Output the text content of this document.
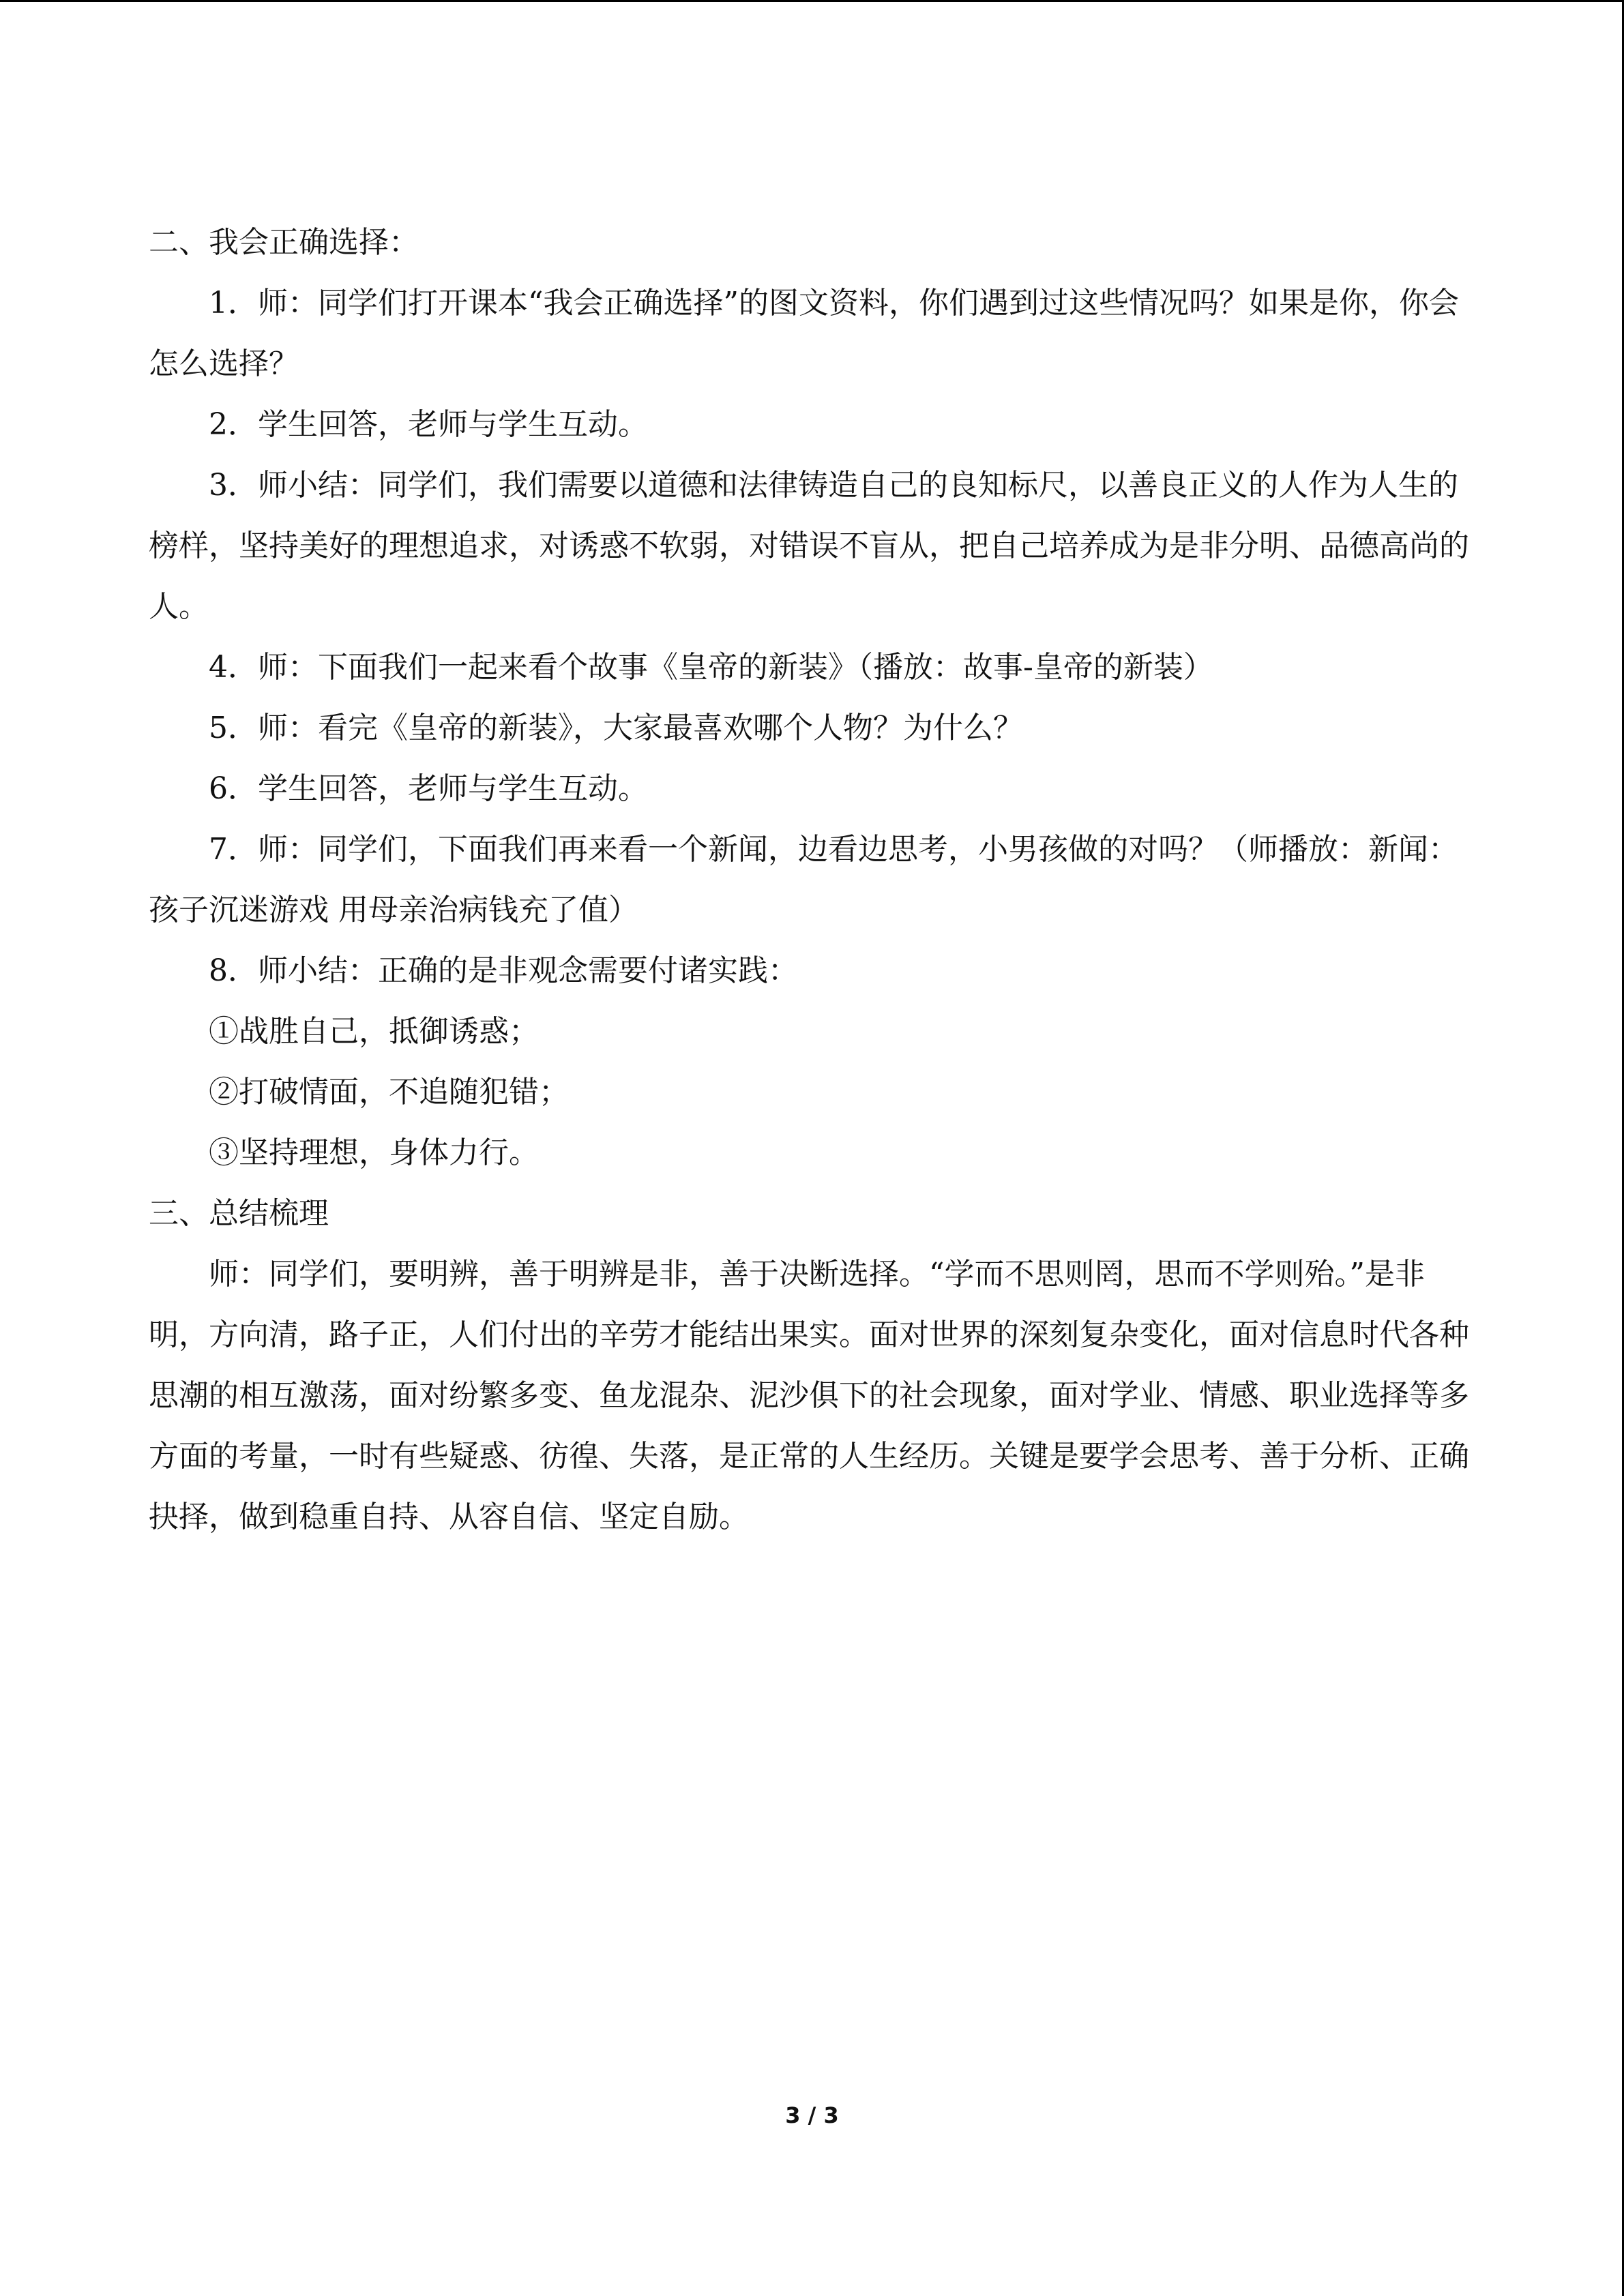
二、我会正确选择：

1．师：同学们打开课本“我会正确选择”的图文资料，你们遇到过这些情况吗？如果是你，你会怎么选择？

2．学生回答，老师与学生互动。

3．师小结：同学们，我们需要以道德和法律铸造自己的良知标尺，以善良正义的人作为人生的榜样，坚持美好的理想追求，对诱惑不软弱，对错误不盲从，把自己培养成为是非分明、品德高尚的人。

4．师：下面我们一起来看个故事《皇帝的新装》（播放：故事-皇帝的新装）

5．师：看完《皇帝的新装》，大家最喜欢哪个人物？为什么？

6．学生回答，老师与学生互动。

7．师：同学们，下面我们再来看一个新闻，边看边思考，小男孩做的对吗？（师播放：新闻：孩子沉迷游戏 用母亲治病钱充了值）

8．师小结：正确的是非观念需要付诸实践：

①战胜自己，抵御诱惑；

②打破情面，不追随犯错；

③坚持理想，身体力行。

三、总结梳理

师：同学们，要明辨，善于明辨是非，善于决断选择。“学而不思则罔，思而不学则殆。”是非明，方向清，路子正，人们付出的辛劳才能结出果实。面对世界的深刻复杂变化，面对信息时代各种思潮的相互激荡，面对纷繁多变、鱼龙混杂、泥沙俱下的社会现象，面对学业、情感、职业选择等多方面的考量，一时有些疑惑、彷徨、失落，是正常的人生经历。关键是要学会思考、善于分析、正确抉择，做到稳重自持、从容自信、坚定自励。

3 / 3
